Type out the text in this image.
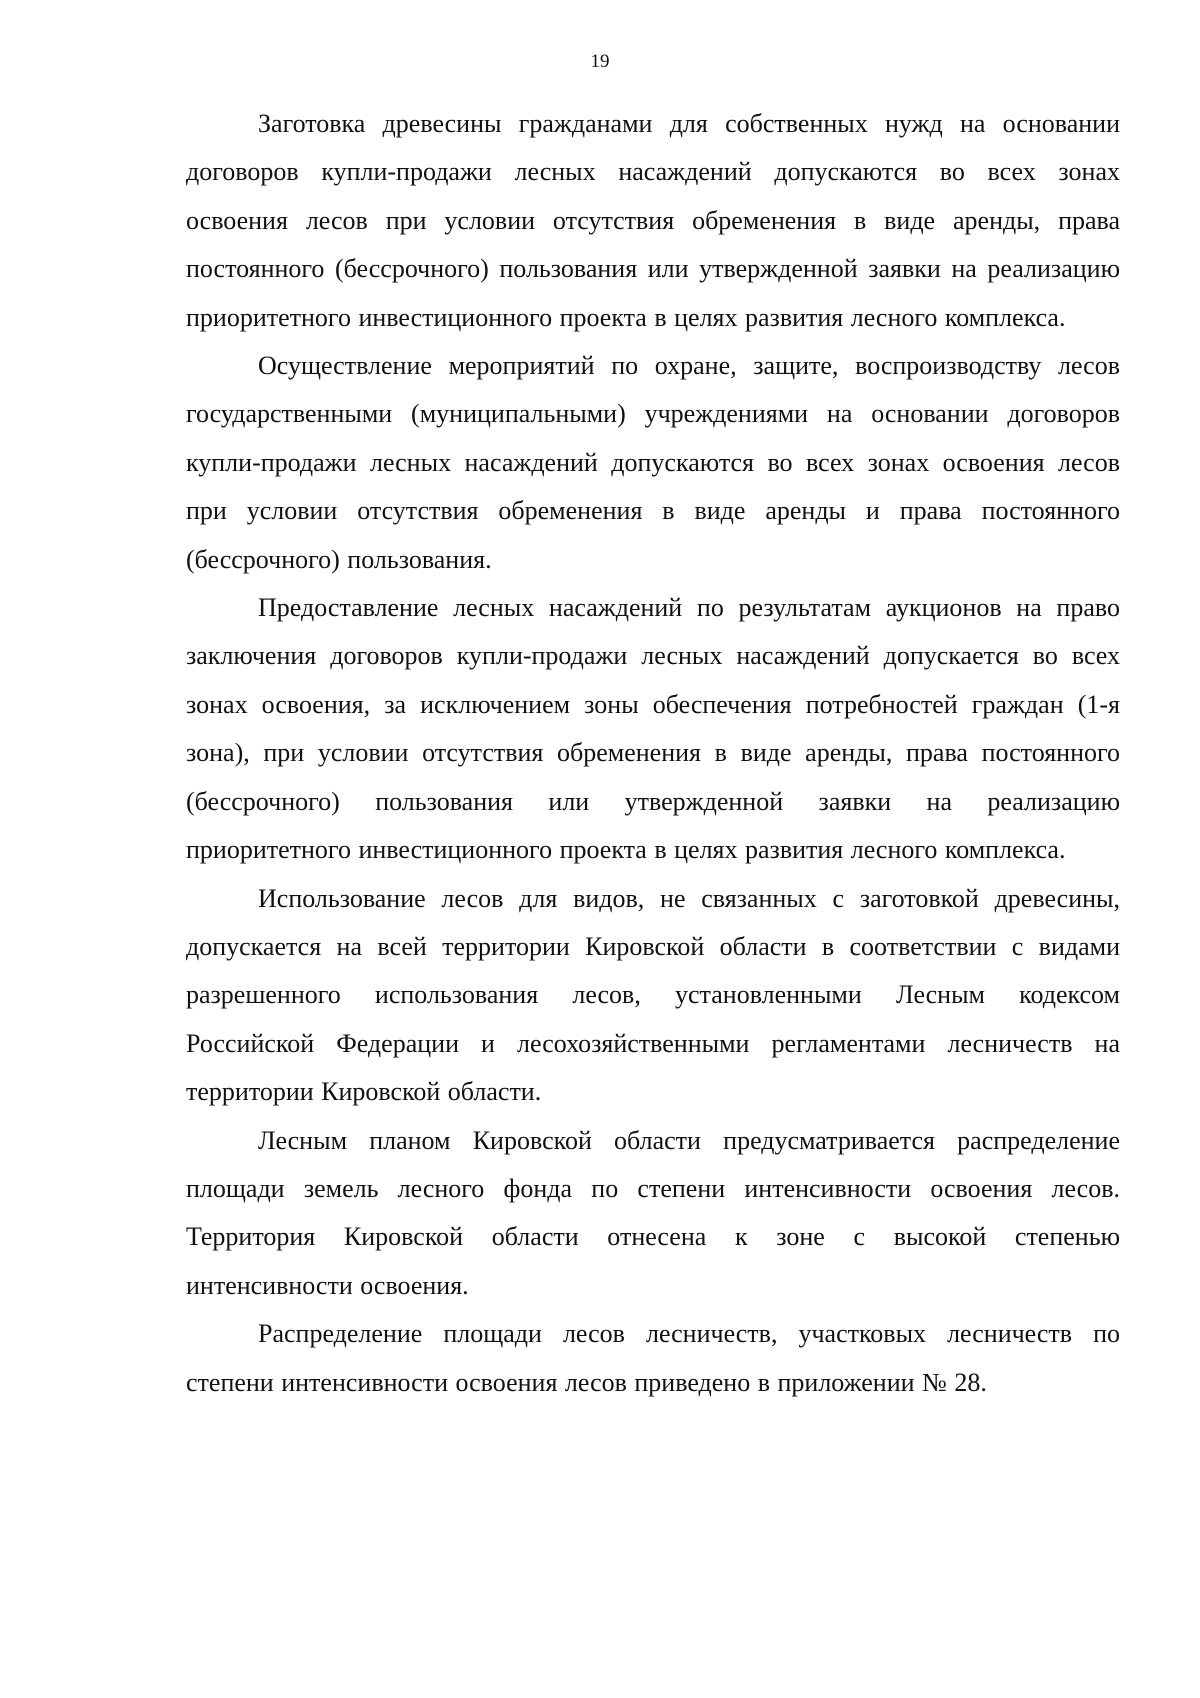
19

Заготовка древесины гражданами для собственных нужд на основании договоров купли-продажи лесных насаждений допускаются во всех зонах освоения лесов при условии отсутствия обременения в виде аренды, права постоянного (бессрочного) пользования или утвержденной заявки на реализацию приоритетного инвестиционного проекта в целях развития лесного комплекса.

Осуществление мероприятий по охране, защите, воспроизводству лесов государственными (муниципальными) учреждениями на основании договоров купли-продажи лесных насаждений допускаются во всех зонах освоения лесов при условии отсутствия обременения в виде аренды и права постоянного (бессрочного) пользования.

Предоставление лесных насаждений по результатам аукционов на право заключения договоров купли-продажи лесных насаждений допускается во всех зонах освоения, за исключением зоны обеспечения потребностей граждан (1-я зона), при условии отсутствия обременения в виде аренды, права постоянного (бессрочного) пользования или утвержденной заявки на реализацию приоритетного инвестиционного проекта в целях развития лесного комплекса.

Использование лесов для видов, не связанных с заготовкой древесины, допускается на всей территории Кировской области в соответствии с видами разрешенного использования лесов, установленными Лесным кодексом Российской Федерации и лесохозяйственными регламентами лесничеств на территории Кировской области.

Лесным планом Кировской области предусматривается распределение площади земель лесного фонда по степени интенсивности освоения лесов. Территория Кировской области отнесена к зоне с высокой степенью интенсивности освоения.

Распределение площади лесов лесничеств, участковых лесничеств по степени интенсивности освоения лесов приведено в приложении № 28.
